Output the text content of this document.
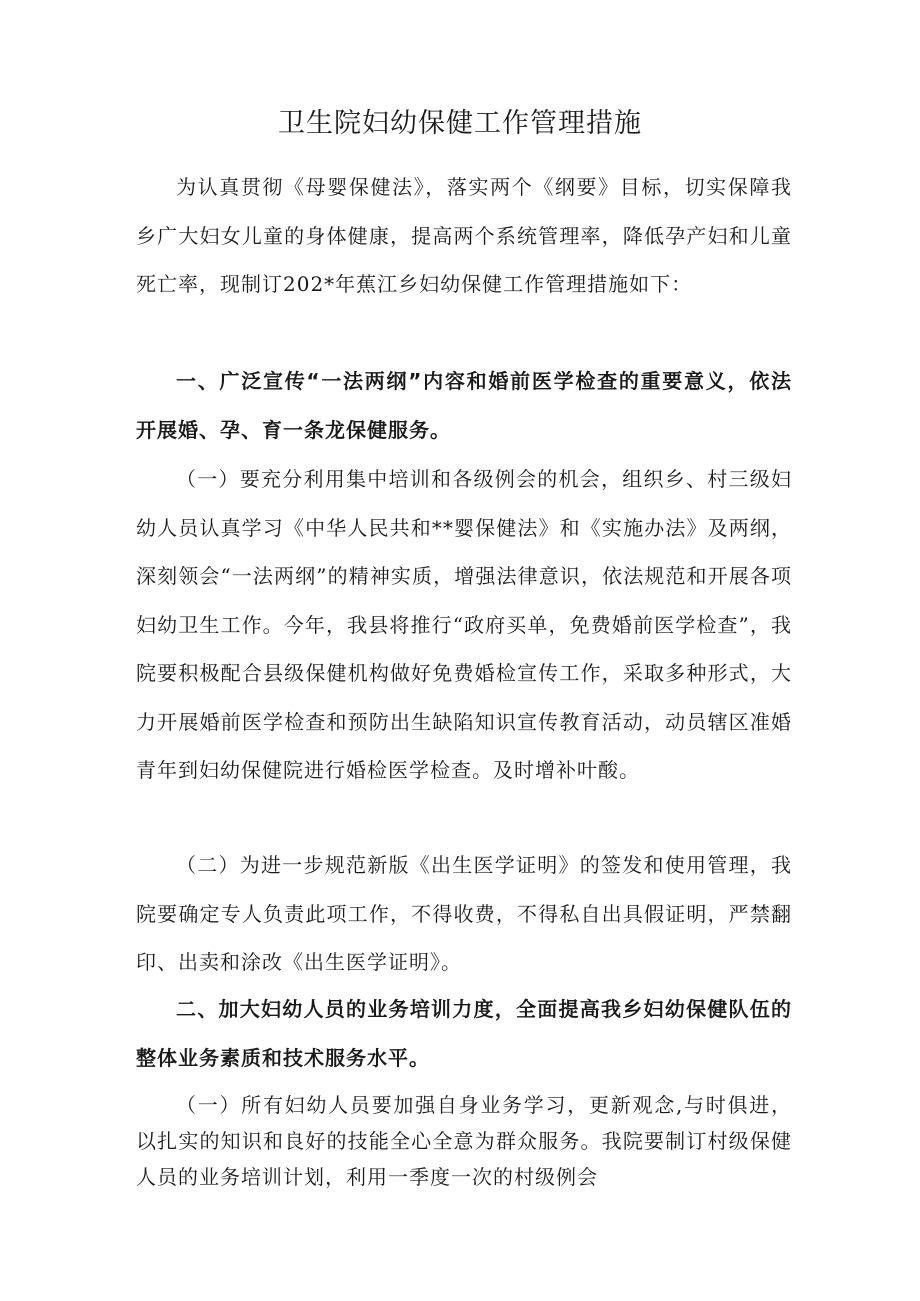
卫生院妇幼保健工作管理措施

为认真贯彻《母婴保健法》，落实两个《纲要》目标，切实保障我乡广大妇女儿童的身体健康，提高两个系统管理率，降低孕产妇和儿童死亡率，现制订202*年蕉江乡妇幼保健工作管理措施如下：

一、广泛宣传“一法两纲”内容和婚前医学检查的重要意义，依法开展婚、孕、育一条龙保健服务。

（一）要充分利用集中培训和各级例会的机会，组织乡、村三级妇幼人员认真学习《中华人民共和**婴保健法》和《实施办法》及两纲，深刻领会“一法两纲”的精神实质，增强法律意识，依法规范和开展各项妇幼卫生工作。今年，我县将推行“政府买单，免费婚前医学检查”，我院要积极配合县级保健机构做好免费婚检宣传工作，采取多种形式，大力开展婚前医学检查和预防出生缺陷知识宣传教育活动，动员辖区准婚青年到妇幼保健院进行婚检医学检查。及时增补叶酸。

（二）为进一步规范新版《出生医学证明》的签发和使用管理，我院要确定专人负责此项工作，不得收费，不得私自出具假证明，严禁翻印、出卖和涂改《出生医学证明》。

二、加大妇幼人员的业务培训力度，全面提高我乡妇幼保健队伍的整体业务素质和技术服务水平。

（一）所有妇幼人员要加强自身业务学习，更新观念,与时俱进，以扎实的知识和良好的技能全心全意为群众服务。我院要制订村级保健人员的业务培训计划，利用一季度一次的村级例会
